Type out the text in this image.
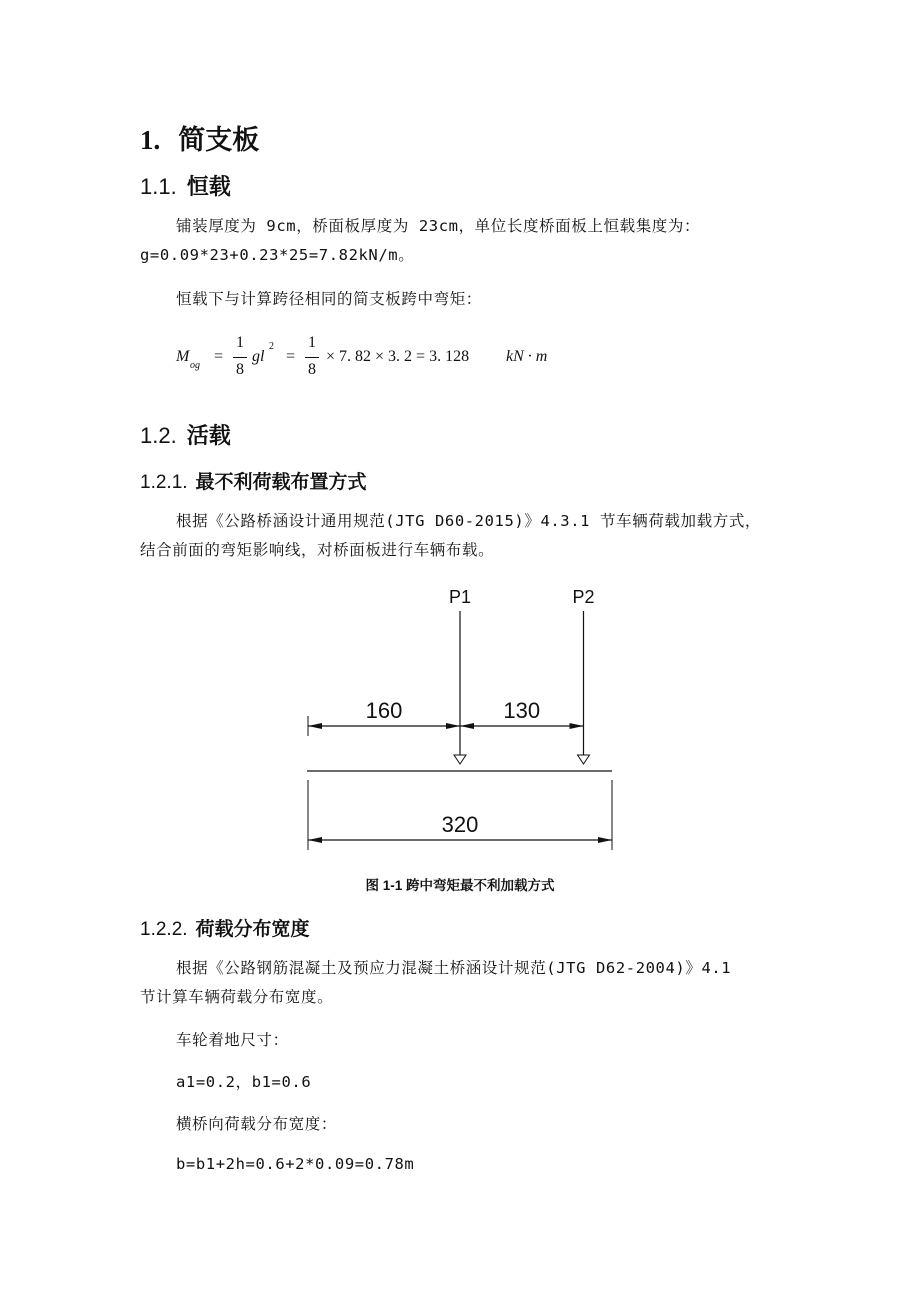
1. 简支板
1.1. 恒载
铺装厚度为 9cm，桥面板厚度为 23cm，单位长度桥面板上恒载集度为：
g=0.09*23+0.23*25=7.82kN/m。
恒载下与计算跨径相同的简支板跨中弯矩：
M
og
=
1
8
gl
2
=
1
8
× 7. 82 × 3. 2 = 3. 128 kN · m
1.2. 活载
1.2.1. 最不利荷载布置方式
根据《公路桥涵设计通用规范(JTG D60-2015)》4.3.1 节车辆荷载加载方式，
结合前面的弯矩影响线，对桥面板进行车辆布载。
P1	P2
160	130
320
图 1-1 跨中弯矩最不利加载方式
1.2.2. 荷载分布宽度
根据《公路钢筋混凝土及预应力混凝土桥涵设计规范(JTG D62-2004)》4.1
节计算车辆荷载分布宽度。
车轮着地尺寸：
a1=0.2，b1=0.6
横桥向荷载分布宽度：
b=b1+2h=0.6+2*0.09=0.78m
